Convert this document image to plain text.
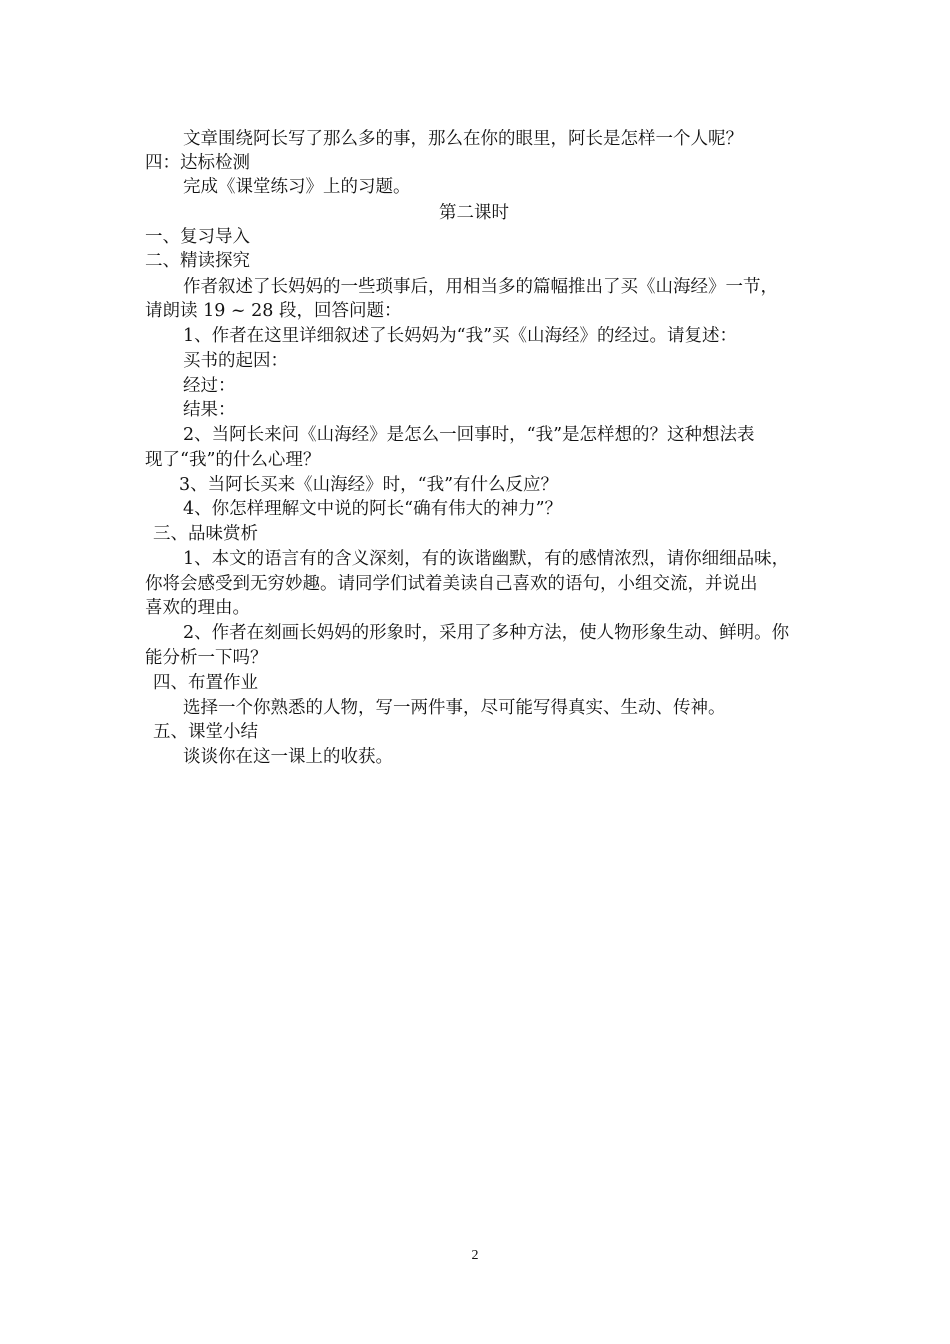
文章围绕阿长写了那么多的事，那么在你的眼里，阿长是怎样一个人呢？
四：达标检测
完成《课堂练习》上的习题。
第二课时
一、复习导入
二、精读探究
作者叙述了长妈妈的一些琐事后，用相当多的篇幅推出了买《山海经》一节，
请朗读 19 ~ 28 段，回答问题：
1、作者在这里详细叙述了长妈妈为“我”买《山海经》的经过。请复述：
买书的起因：
经过：
结果：
2、当阿长来问《山海经》是怎么一回事时，“我”是怎样想的？这种想法表
现了“我”的什么心理？
3、当阿长买来《山海经》时，“我”有什么反应？
4、你怎样理解文中说的阿长“确有伟大的神力”？
三、品味赏析
1、本文的语言有的含义深刻，有的诙谐幽默，有的感情浓烈，请你细细品味，
你将会感受到无穷妙趣。请同学们试着美读自己喜欢的语句，小组交流，并说出
喜欢的理由。
2、作者在刻画长妈妈的形象时，采用了多种方法，使人物形象生动、鲜明。你
能分析一下吗？
四、布置作业
选择一个你熟悉的人物，写一两件事，尽可能写得真实、生动、传神。
五、课堂小结
谈谈你在这一课上的收获。
2
